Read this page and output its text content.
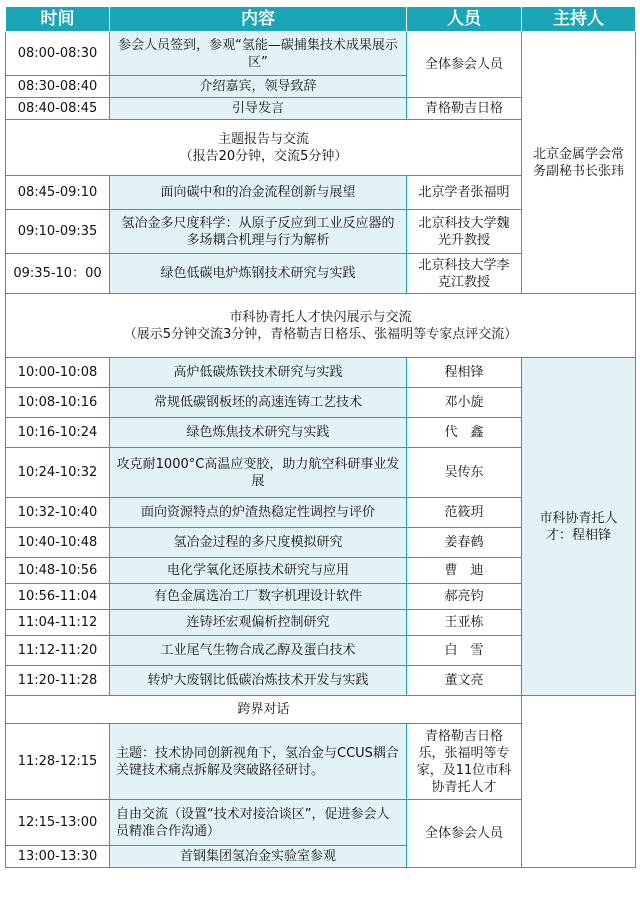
时间	内容	人员	主持人
08:00-08:30	参会人员签到，参观“氢能—碳捕集技术成果展示区”	全体参会人员	北京金属学会常务副秘书长张玮
08:30-08:40	介绍嘉宾，领导致辞		
08:40-08:45	引导发言	青格勒吉日格	

主题报告与交流
（报告20分钟，交流5分钟）			

08:45-09:10	面向碳中和的冶金流程创新与展望	北京学者张福明	
09:10-09:35	氢冶金多尺度科学：从原子反应到工业反应器的多场耦合机理与行为解析	北京科技大学魏光升教授	
09:35-10：00	绿色低碳电炉炼钢技术研究与实践	北京科技大学李克江教授	

市科协青托人才快闪展示与交流
（展示5分钟交流3分钟，青格勒吉日格乐、张福明等专家点评交流）			

10:00-10:08	高炉低碳炼铁技术研究与实践	程相锋	市科协青托人才：程相锋
10:08-10:16	常规低碳钢板坯的高速连铸工艺技术	邓小旋	
10:16-10:24	绿色炼焦技术研究与实践	代　鑫	
10:24-10:32	攻克耐1000°C高温应变胶，助力航空科研事业发展	吴传东	
10:32-10:40	面向资源特点的炉渣热稳定性调控与评价	范筱玥	
10:40-10:48	氢冶金过程的多尺度模拟研究	姜春鹤	
10:48-10:56	电化学氧化还原技术研究与应用	曹　迪	
10:56-11:04	有色金属选冶工厂数字机理设计软件	郝亮钧	
11:04-11:12	连铸坯宏观偏析控制研究	王亚栋	
11:12-11:20	工业尾气生物合成乙醇及蛋白技术	白　雪	
11:20-11:28	转炉大废钢比低碳冶炼技术开发与实践	董文亮	

跨界对话			

11:28-12:15	主题：技术协同创新视角下，氢冶金与CCUS耦合关键技术痛点拆解及突破路径研讨。	青格勒吉日格乐，张福明等专家，及11位市科协青托人才	
12:15-13:00	自由交流（设置“技术对接洽谈区”，促进参会人员精准合作沟通）	全体参会人员	
13:00-13:30	首钢集团氢冶金实验室参观		
